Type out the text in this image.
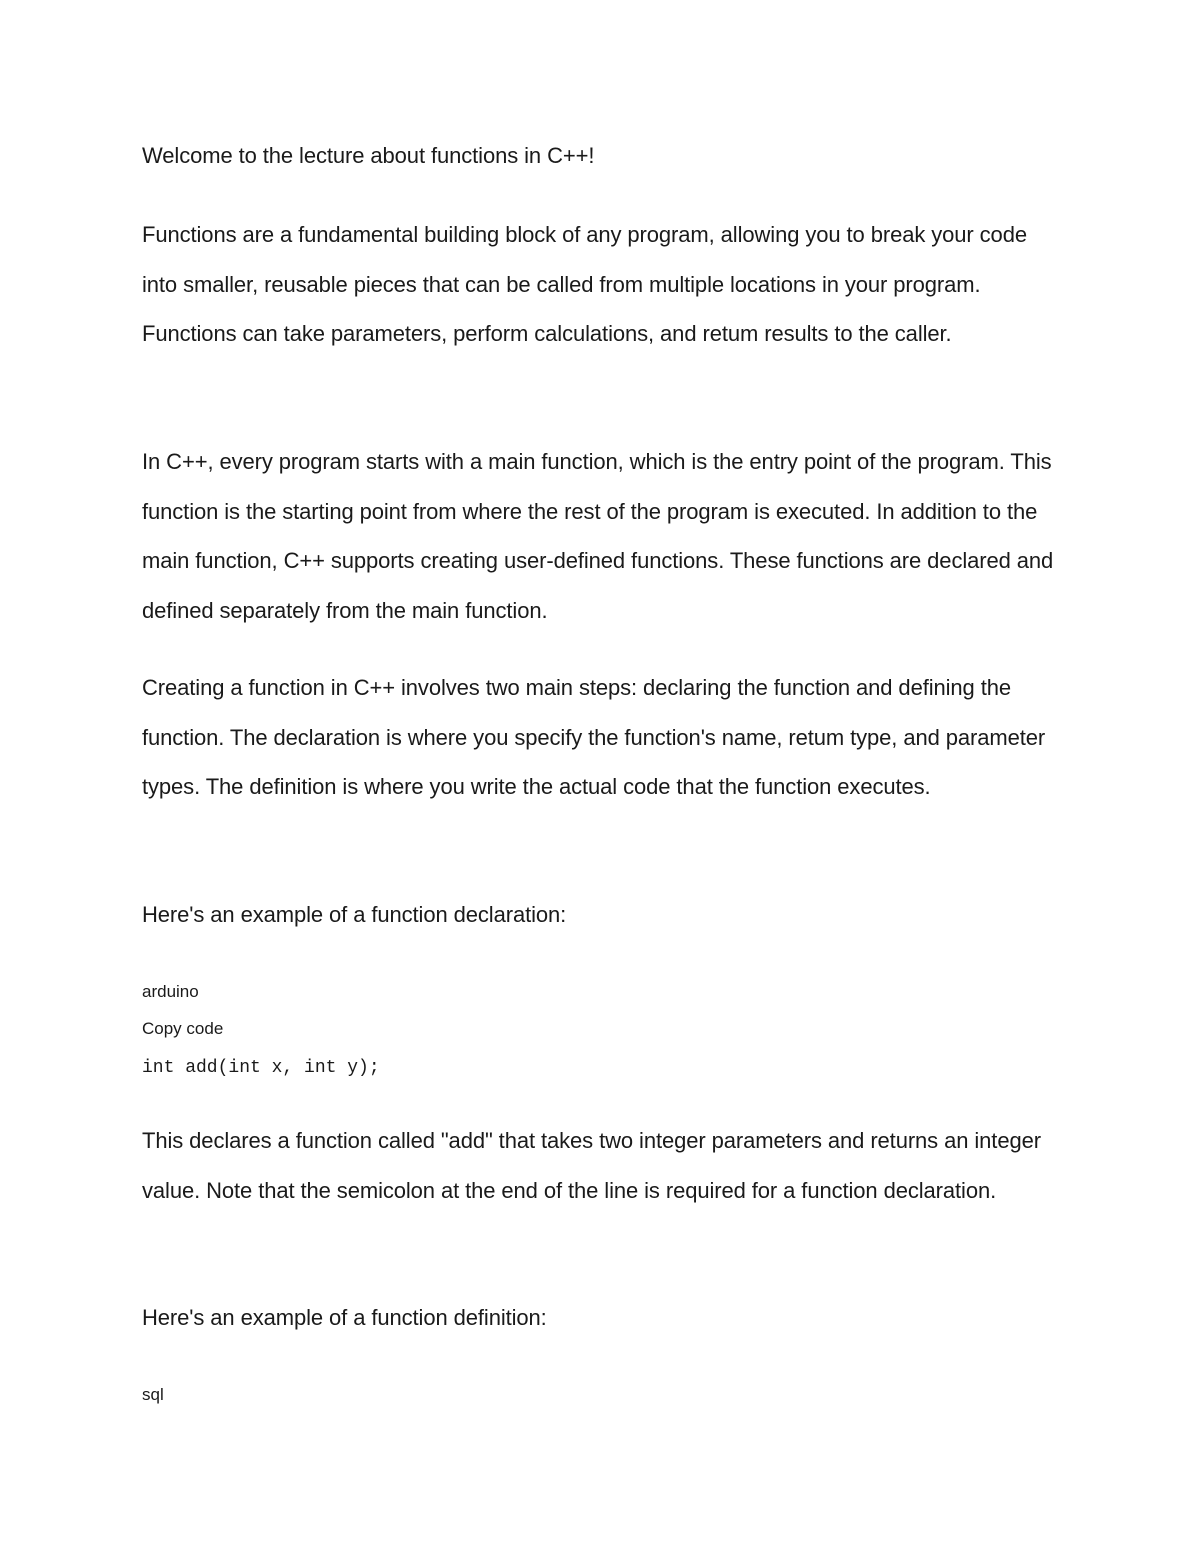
Welcome to the lecture about functions in C++!

Functions are a fundamental building block of any program, allowing you to break your code into smaller, reusable pieces that can be called from multiple locations in your program. Functions can take parameters, perform calculations, and retum results to the caller.

In C++, every program starts with a main function, which is the entry point of the program. This function is the starting point from where the rest of the program is executed. In addition to the main function, C++ supports creating user-defined functions. These functions are declared and defined separately from the main function.

Creating a function in C++ involves two main steps: declaring the function and defining the function. The declaration is where you specify the function's name, retum type, and parameter types. The definition is where you write the actual code that the function executes.

Here's an example of a function declaration:

arduino

Copy code

int add(int x, int y);

This declares a function called "add" that takes two integer parameters and returns an integer value. Note that the semicolon at the end of the line is required for a function declaration.

Here's an example of a function definition:

sql
